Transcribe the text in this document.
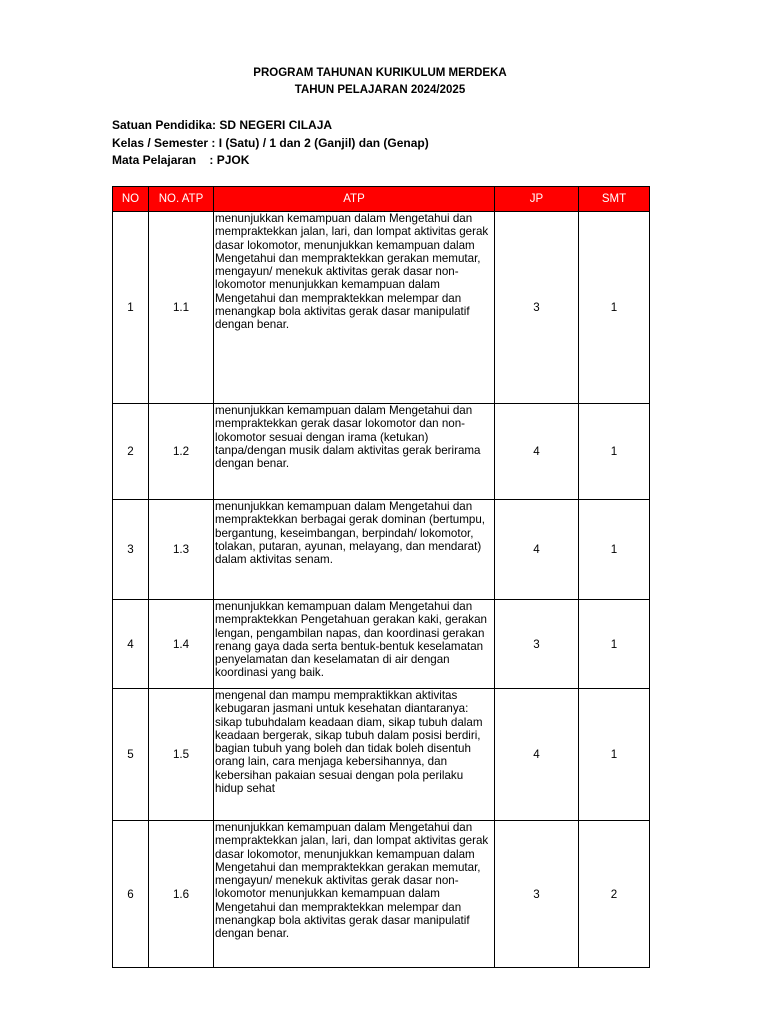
PROGRAM TAHUNAN KURIKULUM MERDEKA
TAHUN PELAJARAN 2024/2025
Satuan Pendidika: SD NEGERI CILAJA
Kelas / Semester : I (Satu) / 1 dan 2 (Ganjil) dan (Genap)
Mata Pelajaran    : PJOK
NO	NO. ATP	ATP	JP	SMT
1	1.1	menunjukkan kemampuan dalam Mengetahui dan mempraktekkan jalan, lari, dan lompat aktivitas gerak dasar lokomotor, menunjukkan kemampuan dalam Mengetahui dan mempraktekkan gerakan memutar, mengayun/ menekuk aktivitas gerak dasar non-lokomotor menunjukkan kemampuan dalam Mengetahui dan mempraktekkan melempar dan menangkap bola aktivitas gerak dasar manipulatif dengan benar.	3	1
2	1.2	menunjukkan kemampuan dalam Mengetahui dan mempraktekkan gerak dasar lokomotor dan non-lokomotor sesuai dengan irama (ketukan) tanpa/dengan musik dalam aktivitas gerak berirama dengan benar.	4	1
3	1.3	menunjukkan kemampuan dalam Mengetahui dan mempraktekkan berbagai gerak dominan (bertumpu, bergantung, keseimbangan, berpindah/ lokomotor, tolakan, putaran, ayunan, melayang, dan mendarat) dalam aktivitas senam.	4	1
4	1.4	menunjukkan kemampuan dalam Mengetahui dan mempraktekkan Pengetahuan gerakan kaki, gerakan lengan, pengambilan napas, dan koordinasi gerakan renang gaya dada serta bentuk-bentuk keselamatan penyelamatan dan keselamatan di air dengan koordinasi yang baik.	3	1
5	1.5	mengenal dan mampu mempraktikkan aktivitas kebugaran jasmani untuk kesehatan diantaranya: sikap tubuhdalam keadaan diam, sikap tubuh dalam keadaan bergerak, sikap tubuh dalam posisi berdiri, bagian tubuh yang boleh dan tidak boleh disentuh orang lain, cara menjaga kebersihannya, dan kebersihan pakaian sesuai dengan pola perilaku hidup sehat	4	1
6	1.6	menunjukkan kemampuan dalam Mengetahui dan mempraktekkan jalan, lari, dan lompat aktivitas gerak dasar lokomotor, menunjukkan kemampuan dalam Mengetahui dan mempraktekkan gerakan memutar, mengayun/ menekuk aktivitas gerak dasar non-lokomotor menunjukkan kemampuan dalam Mengetahui dan mempraktekkan melempar dan menangkap bola aktivitas gerak dasar manipulatif dengan benar.	3	2
